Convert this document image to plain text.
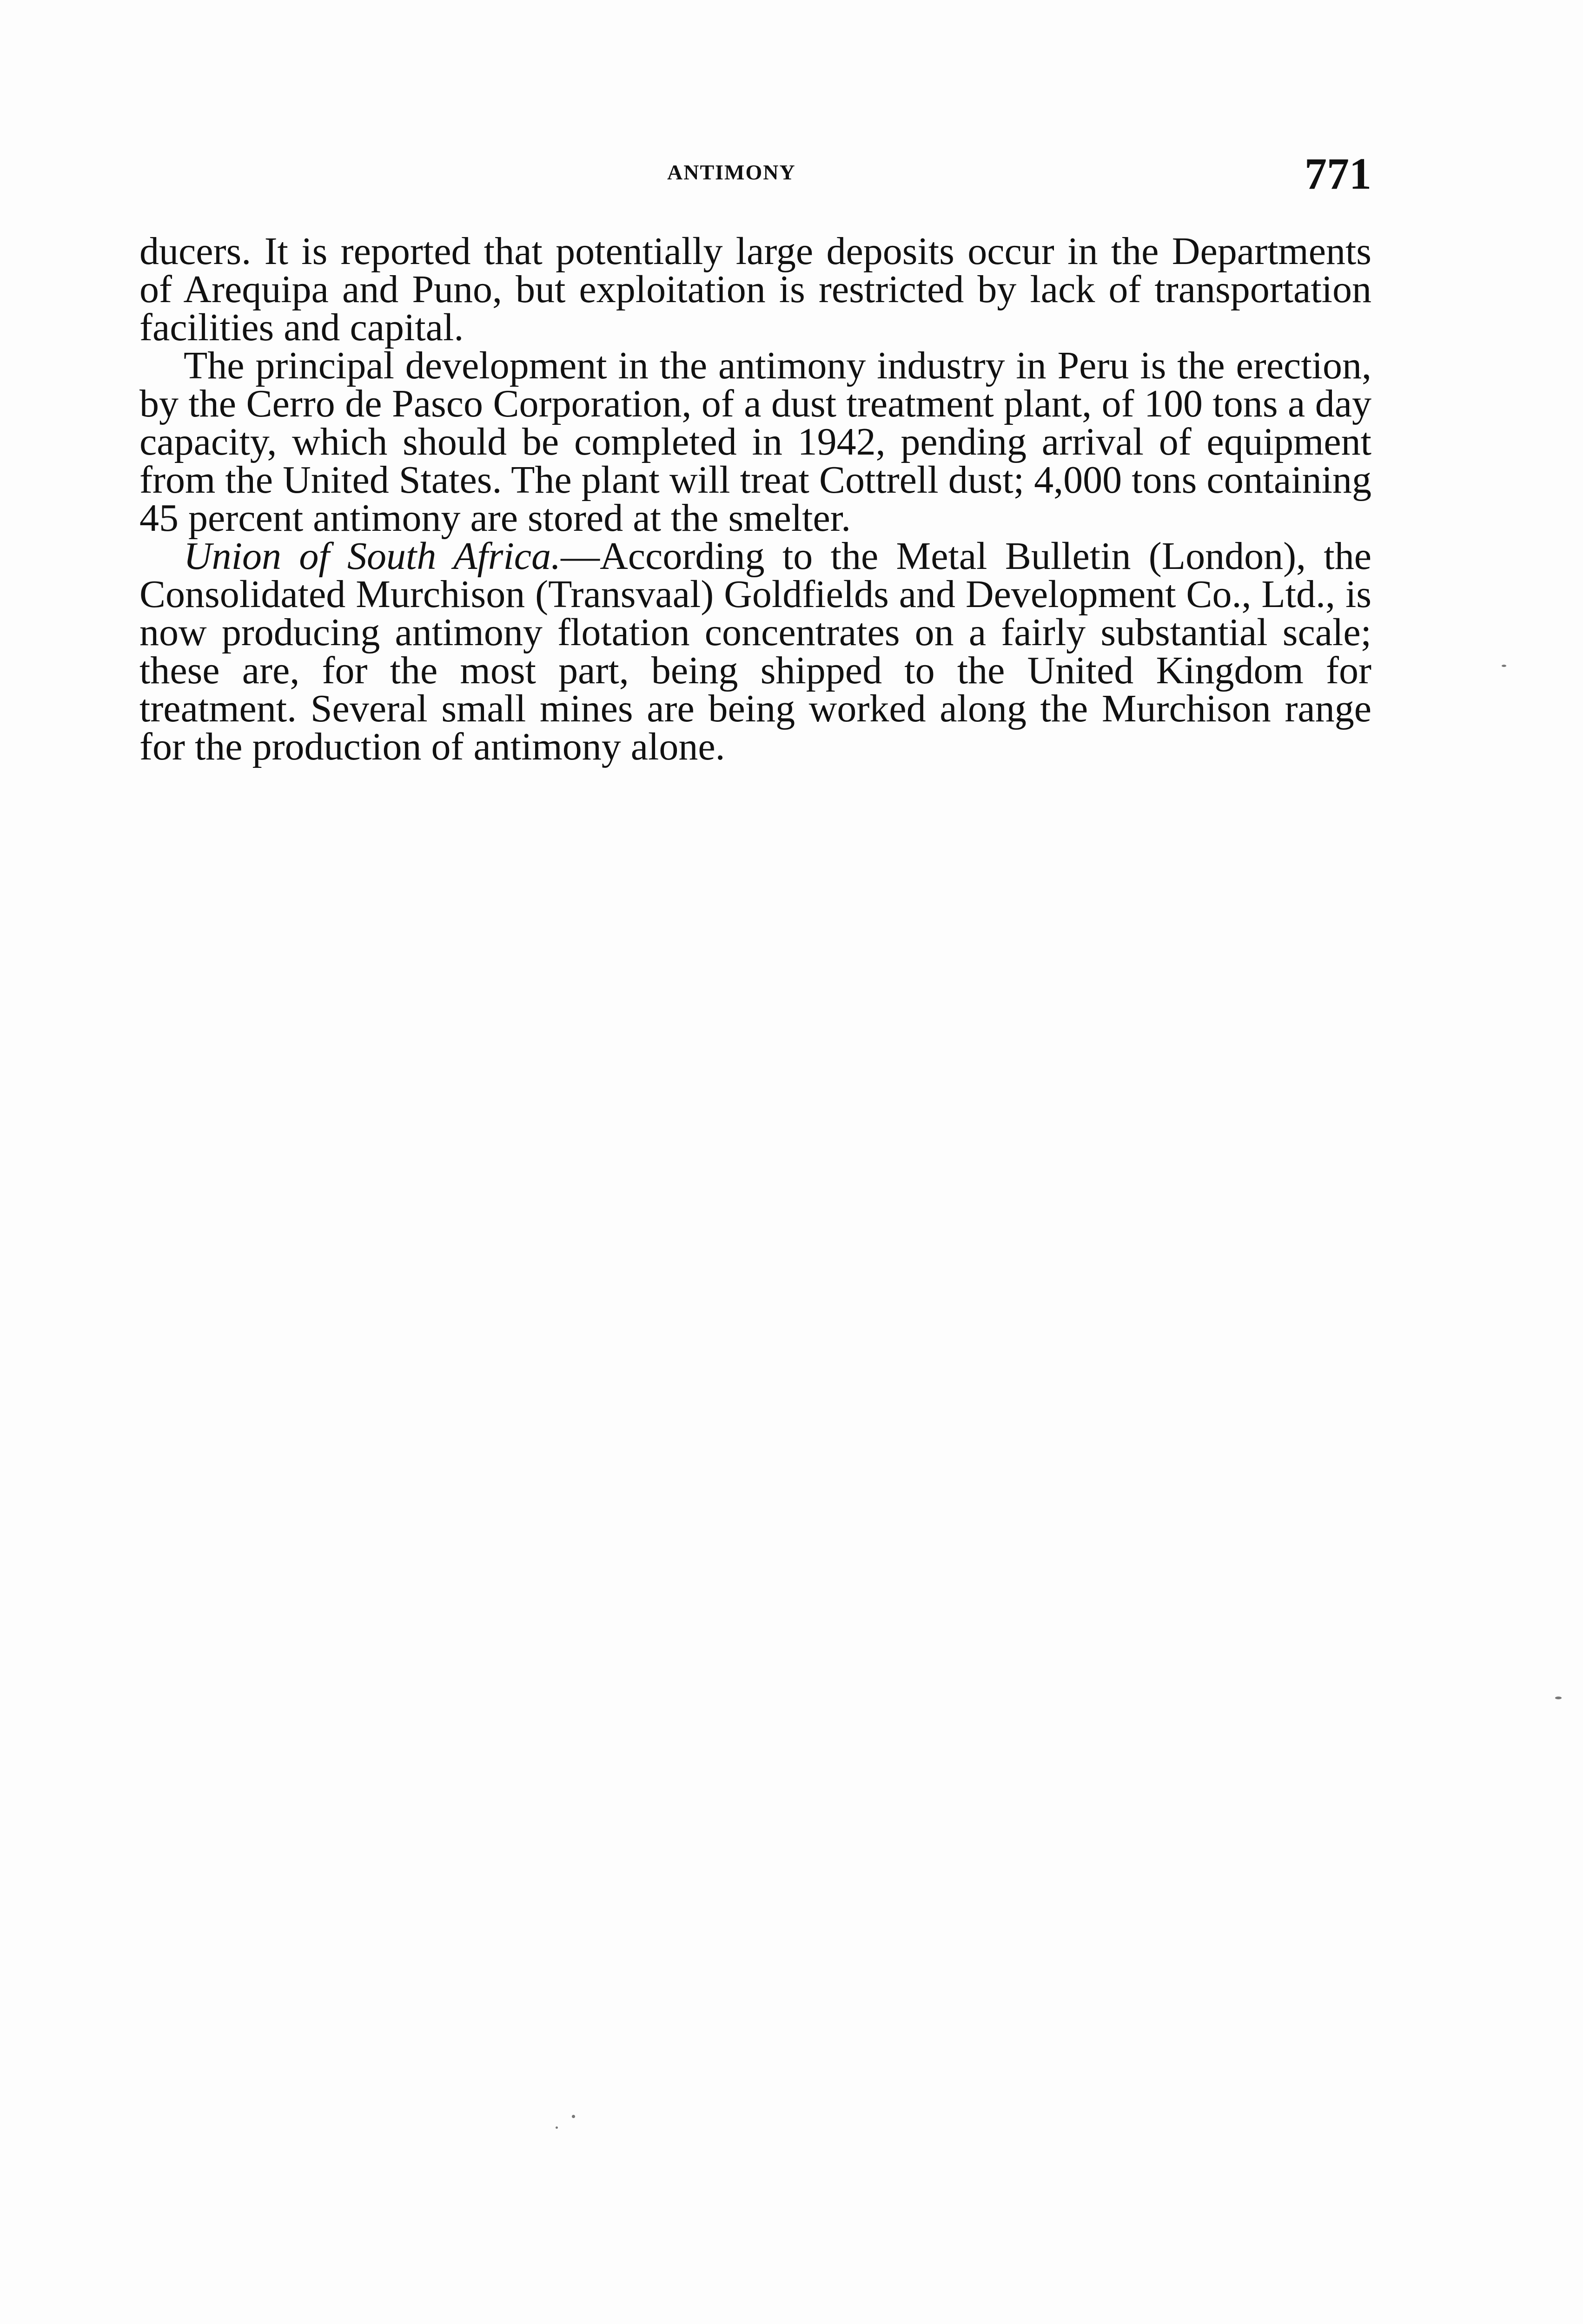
ANTIMONY	771

ducers. It is reported that potentially large deposits occur in the Departments of Arequipa and Puno, but exploitation is restricted by lack of transportation facilities and capital.

The principal development in the antimony industry in Peru is the erection, by the Cerro de Pasco Corporation, of a dust treatment plant, of 100 tons a day capacity, which should be completed in 1942, pending arrival of equipment from the United States. The plant will treat Cottrell dust; 4,000 tons containing 45 percent antimony are stored at the smelter.

Union of South Africa.—According to the Metal Bulletin (London), the Consolidated Murchison (Transvaal) Goldfields and Development Co., Ltd., is now producing antimony flotation concentrates on a fairly substantial scale; these are, for the most part, being shipped to the United Kingdom for treatment. Several small mines are being worked along the Murchison range for the production of antimony alone.
